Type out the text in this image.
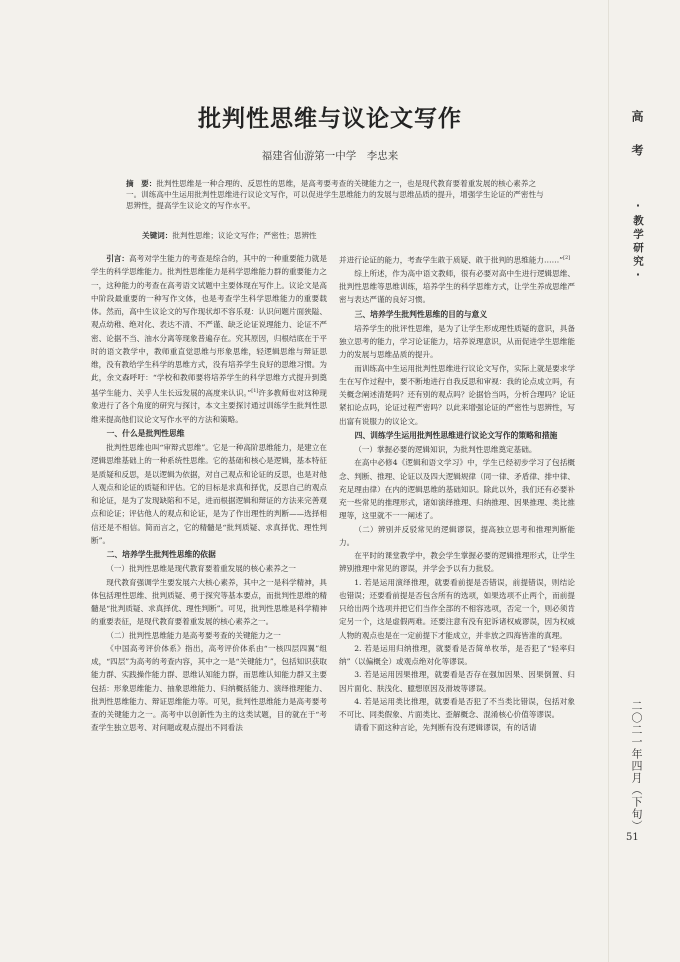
批判性思维与议论文写作

福建省仙游第一中学　李忠来

摘　要：批判性思维是一种合理的、反思性的思维，是高考要考查的关键能力之一，也是现代教育要着重发展的核心素养之一。训练高中生运用批判性思维进行议论文写作，可以促进学生思维能力的发展与思维品质的提升，增强学生论证的严密性与思辨性，提高学生议论文的写作水平。

关键词：批判性思维；议论文写作；严密性；思辨性

引言：高考对学生能力的考查是综合的，其中的一种重要能力就是学生的科学思维能力。批判性思维能力是科学思维能力群的重要能力之一，这种能力的考查在高考语文试题中主要体现在写作上。议论文是高中阶段最重要的一种写作文体，也是考查学生科学思维能力的重要载体。然而，高中生议论文的写作现状却不容乐观：认识问题片面狭隘、观点幼稚、绝对化、表达不清、不严谨、缺乏论证说理能力、论证不严密、论据不当、油水分离等现象普遍存在。究其原因，归根结底在于平时的语文教学中，教师重直觉思维与形象思维，轻逻辑思维与辩证思维，没有教给学生科学的思维方式，没有培养学生良好的思维习惯。为此，余文森呼吁：“学校和教师要将培养学生的科学思维方式提升到奠基学生能力、关乎人生长远发展的高度来认识。”[1]许多教师也对这种现象进行了各个角度的研究与探讨，本文主要探讨通过训练学生批判性思维来提高他们议论文写作水平的方法和策略。

一、什么是批判性思维

批判性思维也叫“审辩式思维”。它是一种高阶思维能力，是建立在逻辑思维基础上的一种系统性思维。它的基础和核心是逻辑，基本特征是质疑和反思，是以逻辑为依据，对自己观点和论证的反思，也是对他人观点和论证的质疑和评估。它的目标是求真和择优，反思自己的观点和论证，是为了发现缺陷和不足，进而根据逻辑和辩证的方法来完善观点和论证；评估他人的观点和论证，是为了作出理性的判断——选择相信还是不相信。简而言之，它的精髓是“批判质疑、求真择优、理性判断”。

二、培养学生批判性思维的依据

（一）批判性思维是现代教育要着重发展的核心素养之一

现代教育强调学生要发展六大核心素养，其中之一是科学精神，具体包括理性思维、批判质疑、勇于探究等基本要点，而批判性思维的精髓是“批判质疑、求真择优、理性判断”。可见，批判性思维是科学精神的重要表征，是现代教育要着重发展的核心素养之一。

（二）批判性思维能力是高考要考查的关键能力之一

《中国高考评价体系》指出，高考评价体系由“一核四层四翼”组成，“四层”为高考的考查内容，其中之一是“关键能力”，包括知识获取能力群、实践操作能力群、思维认知能力群，而思维认知能力群又主要包括：形象思维能力、抽象思维能力、归纳概括能力、演绎推理能力、批判性思维能力、辩证思维能力等。可见，批判性思维能力是高考要考查的关键能力之一。高考中以创新性为主的这类试题，目的就在于“考查学生独立思考、对问题或观点提出不同看法

并进行论证的能力，考查学生敢于质疑、敢于批判的思维能力……”[2]

综上所述，作为高中语文教师，很有必要对高中生进行逻辑思维、批判性思维等思维训练，培养学生的科学思维方式，让学生养成思维严密与表达严谨的良好习惯。

三、培养学生批判性思维的目的与意义

培养学生的批评性思维，是为了让学生形成理性质疑的意识，具备独立思考的能力，学习论证能力，培养说理意识，从而促进学生思维能力的发展与思维品质的提升。

而训练高中生运用批判性思维进行议论文写作，实际上就是要求学生在写作过程中，要不断地进行自我反思和审视：我的论点成立吗，有关概念阐述清楚吗？还有别的观点吗？论据恰当吗，分析合理吗？论证紧扣论点吗，论证过程严密吗？以此来增强论证的严密性与思辨性，写出富有说服力的议论文。

四、训练学生运用批判性思维进行议论文写作的策略和措施

（一）掌握必要的逻辑知识，为批判性思维奠定基础。

在高中必修4《逻辑和语文学习》中，学生已经初步学习了包括概念、判断、推理、论证以及四大逻辑规律（同一律、矛盾律、排中律、充足理由律）在内的逻辑思维的基础知识。除此以外，我们还有必要补充一些常见的推理形式，诸如演绎推理、归纳推理、因果推理、类比推理等，这里就不一一阐述了。

（二）辨别并反驳常见的逻辑谬误，提高独立思考和推理判断能力。

在平时的课堂教学中，教会学生掌握必要的逻辑推理形式，让学生辨别推理中常见的谬误，并学会予以有力批驳。

1. 若是运用演绎推理，就要看前提是否错误，前提错误，则结论也错误；还要看前提是否包含所有的选项，如果选项不止两个，而前提只给出两个选项并把它们当作全部的不相容选项，否定一个，则必须肯定另一个，这是虚假两难。还要注意有没有犯诉诸权威谬误，因为权威人物的观点也是在一定前提下才能成立，并非放之四海皆准的真理。

2. 若是运用归纳推理，就要看是否简单枚举，是否犯了“轻率归纳”（以偏概全）或观点绝对化等谬误。

3. 若是运用因果推理，就要看是否存在强加因果、因果倒置、归因片面化、肤浅化、臆想原因及滑坡等谬误。

4. 若是运用类比推理，就要看是否犯了不当类比错误，包括对象不可比、同类假象、片面类比、歪解概念、混淆核心价值等谬误。

请看下面这种言论，先判断有没有逻辑谬误，有的话请

高考
·教学研究·
二〇二一年四月（下旬）
51
